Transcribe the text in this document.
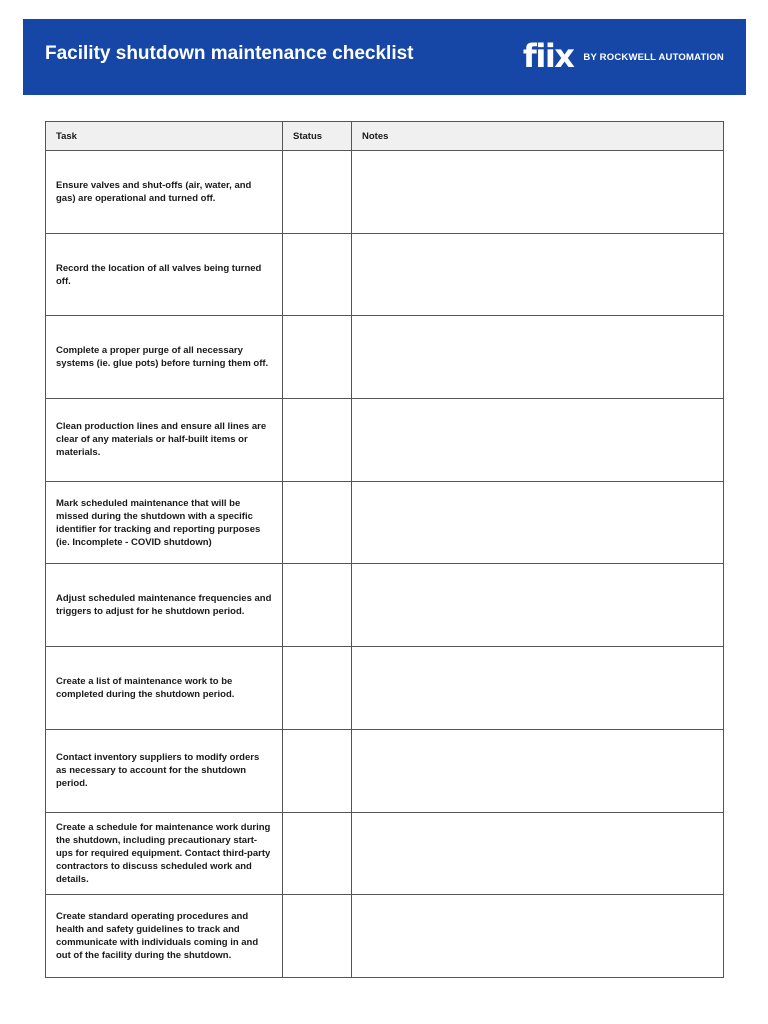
Facility shutdown maintenance checklist	fiix BY ROCKWELL AUTOMATION
Task	Status	Notes

Ensure valves and shut-offs (air, water, and gas) are operational and turned off.		

Record the location of all valves being turned off.		

Complete a proper purge of all necessary systems (ie. glue pots) before turning them off.		

Clean production lines and ensure all lines are clear of any materials or half-built items or materials.		

Mark scheduled maintenance that will be missed during the shutdown with a specific identifier for tracking and reporting purposes (ie. Incomplete - COVID shutdown)		

Adjust scheduled maintenance frequencies and triggers to adjust for he shutdown period.		

Create a list of maintenance work to be completed during the shutdown period.		

Contact inventory suppliers to modify orders as necessary to account for the shutdown period.		

Create a schedule for maintenance work during the shutdown, including precautionary start-ups for required equipment. Contact third-party contractors to discuss scheduled work and details.		

Create standard operating procedures and health and safety guidelines to track and communicate with individuals coming in and out of the facility during the shutdown.		
